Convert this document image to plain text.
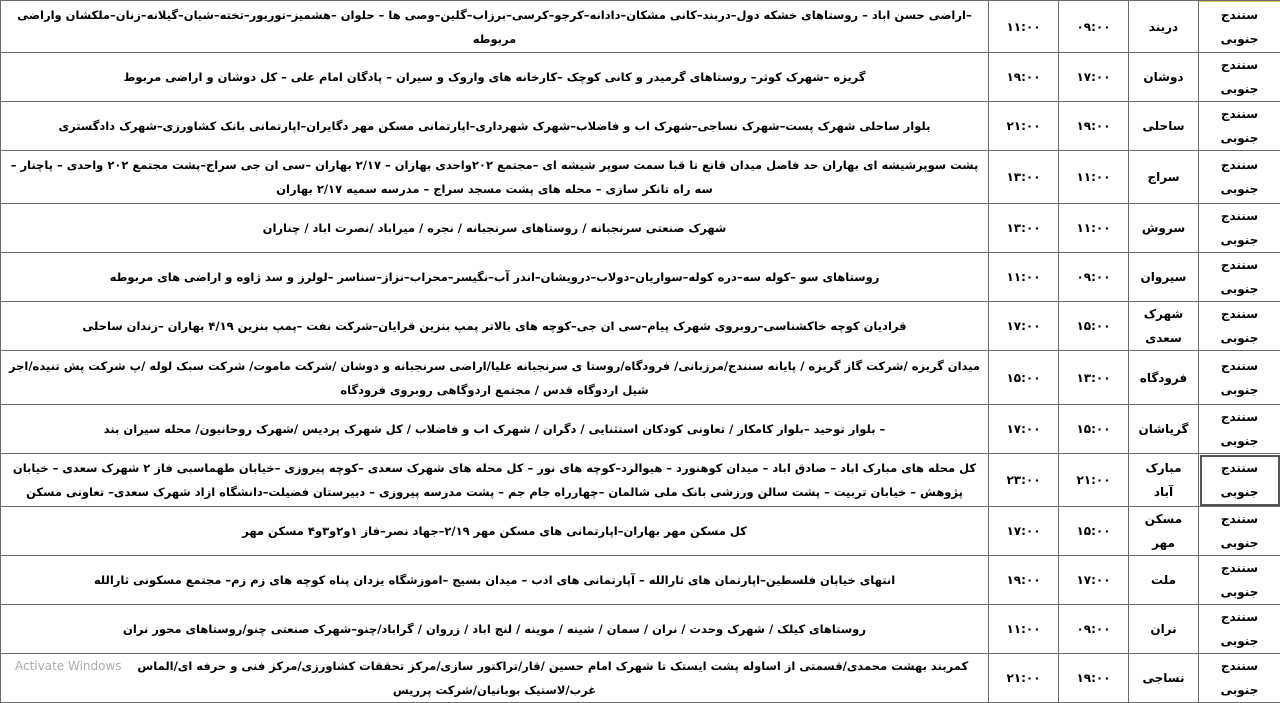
سنندج جنوبی	دربند	۰۹:۰۰	۱۱:۰۰	–اراضی حسن اباد – روستاهای خشکه دول–دربند–کانی مشکان–دادانه–کرجو–کرسی–برزاب–گلین–وصی ها – حلوان –هشمیز–توریور–تخته–شیان–گیلانه–زنان–ملکشان واراضی مربوطه
سنندج جنوبی	دوشان	۱۷:۰۰	۱۹:۰۰	گریزه –شهرک کوثر– روستاهای گرمیدر و کانی کوچک –کارخانه های واروک و سیران – پادگان امام علی – کل دوشان و اراضی مربوط
سنندج جنوبی	ساحلی	۱۹:۰۰	۲۱:۰۰	بلوار ساحلی شهرک پست–شهرک نساجی–شهرک اب و فاضلاب–شهرک شهرداری–اپارتمانی مسکن مهر دگایران–اپارتمانی بانک کشاورزی–شهرک دادگستری
سنندج جنوبی	سراج	۱۱:۰۰	۱۳:۰۰	پشت سوپرشیشه ای بهاران حد فاصل میدان قانع تا قبا سمت سوپر شیشه ای –مجتمع ۲۰۲واحدی بهاران – ۲/۱۷ بهاران –سی ان جی سراج–پشت مجتمع ۲۰۲ واحدی – پاچنار – سه راه تانکر سازی – محله های پشت مسجد سراج – مدرسه سمیه ۲/۱۷ بهاران
سنندج جنوبی	سروش	۱۱:۰۰	۱۳:۰۰	شهرک صنعتی سرنجبانه / روستاهای سرنجبانه / نجره / میراباد /نصرت اباد / چناران
سنندج جنوبی	سیروان	۰۹:۰۰	۱۱:۰۰	روستاهای سو –کوله سه–دره کوله–سواریان–دولاب–درویشان–اندر آب–نگیسر–محراب–نزاز–سناسر –لولرز و سد ژاوه و اراضی های مربوطه
سنندج جنوبی	شهرک سعدی	۱۵:۰۰	۱۷:۰۰	قرادیان کوچه خاکشناسی–روبروی شهرک پیام–سی ان جی–کوچه های بالاتر پمپ بنزین قرایان–شرکت نفت –پمپ بنزین ۴/۱۹ بهاران –زندان ساحلی
سنندج جنوبی	فرودگاه	۱۳:۰۰	۱۵:۰۰	میدان گریزه /شرکت گاز گریزه / پایانه سنندج/مرزبانی/ فرودگاه/روستا ی سرنجبانه علیا/اراضی سرنجبانه و دوشان /شرکت ماموت/ شرکت سبک لوله /پ شرکت پش تنیده/اجر شیل اردوگاه قدس / مجتمع اردوگاهی روبروی فرودگاه
سنندج جنوبی	گریاشان	۱۵:۰۰	۱۷:۰۰	– بلوار توحید –بلوار کامکار / تعاونی کودکان استثنایی / دگران / شهرک اب و فاضلاب / کل شهرک پردیس /شهرک روحانیون/ محله سیران بند
سنندج جنوبی	مبارک آباد	۲۱:۰۰	۲۳:۰۰	کل محله های مبارک اباد – صادق اباد – میدان کوهنورد – هیوالرد–کوچه های نور – کل محله های شهرک سعدی –کوچه پیروزی –خیابان طهماسبی فاز ۲ شهرک سعدی – خیابان پژوهش – خیابان تربیت – پشت سالن ورزشی بانک ملی شالمان –چهارراه جام جم – پشت مدرسه پیروزی – دبیرستان فضیلت–دانشگاه ازاد شهرک سعدی– تعاونی مسکن
سنندج جنوبی	مسکن مهر	۱۵:۰۰	۱۷:۰۰	کل مسکن مهر بهاران–اپارتمانی های مسکن مهر ۲/۱۹–جهاد نصر–فاز ۱و۲و۳و۴ مسکن مهر
سنندج جنوبی	ملت	۱۷:۰۰	۱۹:۰۰	انتهای خیابان فلسطین–اپارتمان های ثارالله – آپارتمانی های ادب – میدان بسیج –اموزشگاه یزدان پناه کوچه های زم زم– مجتمع مسکونی ثارالله
سنندج جنوبی	نران	۰۹:۰۰	۱۱:۰۰	روستاهای کیلک / شهرک وحدت / نران / سمان / شینه / موینه / لنج اباد / زروان / گراباد/چنو–شهرک صنعتی چنو/روستاهای محور نران
سنندج جنوبی	نساجی	۱۹:۰۰	۲۱:۰۰	Activate Windows کمربند بهشت محمدی/قسمتی از اساوله پشت ایستک تا شهرک امام حسین /قار/تراکتور سازی/مرکز تحققات کشاورزی/مرکز فنی و حرفه ای/الماس غرب/لاستیک بوبانیان/شرکت پرریس
